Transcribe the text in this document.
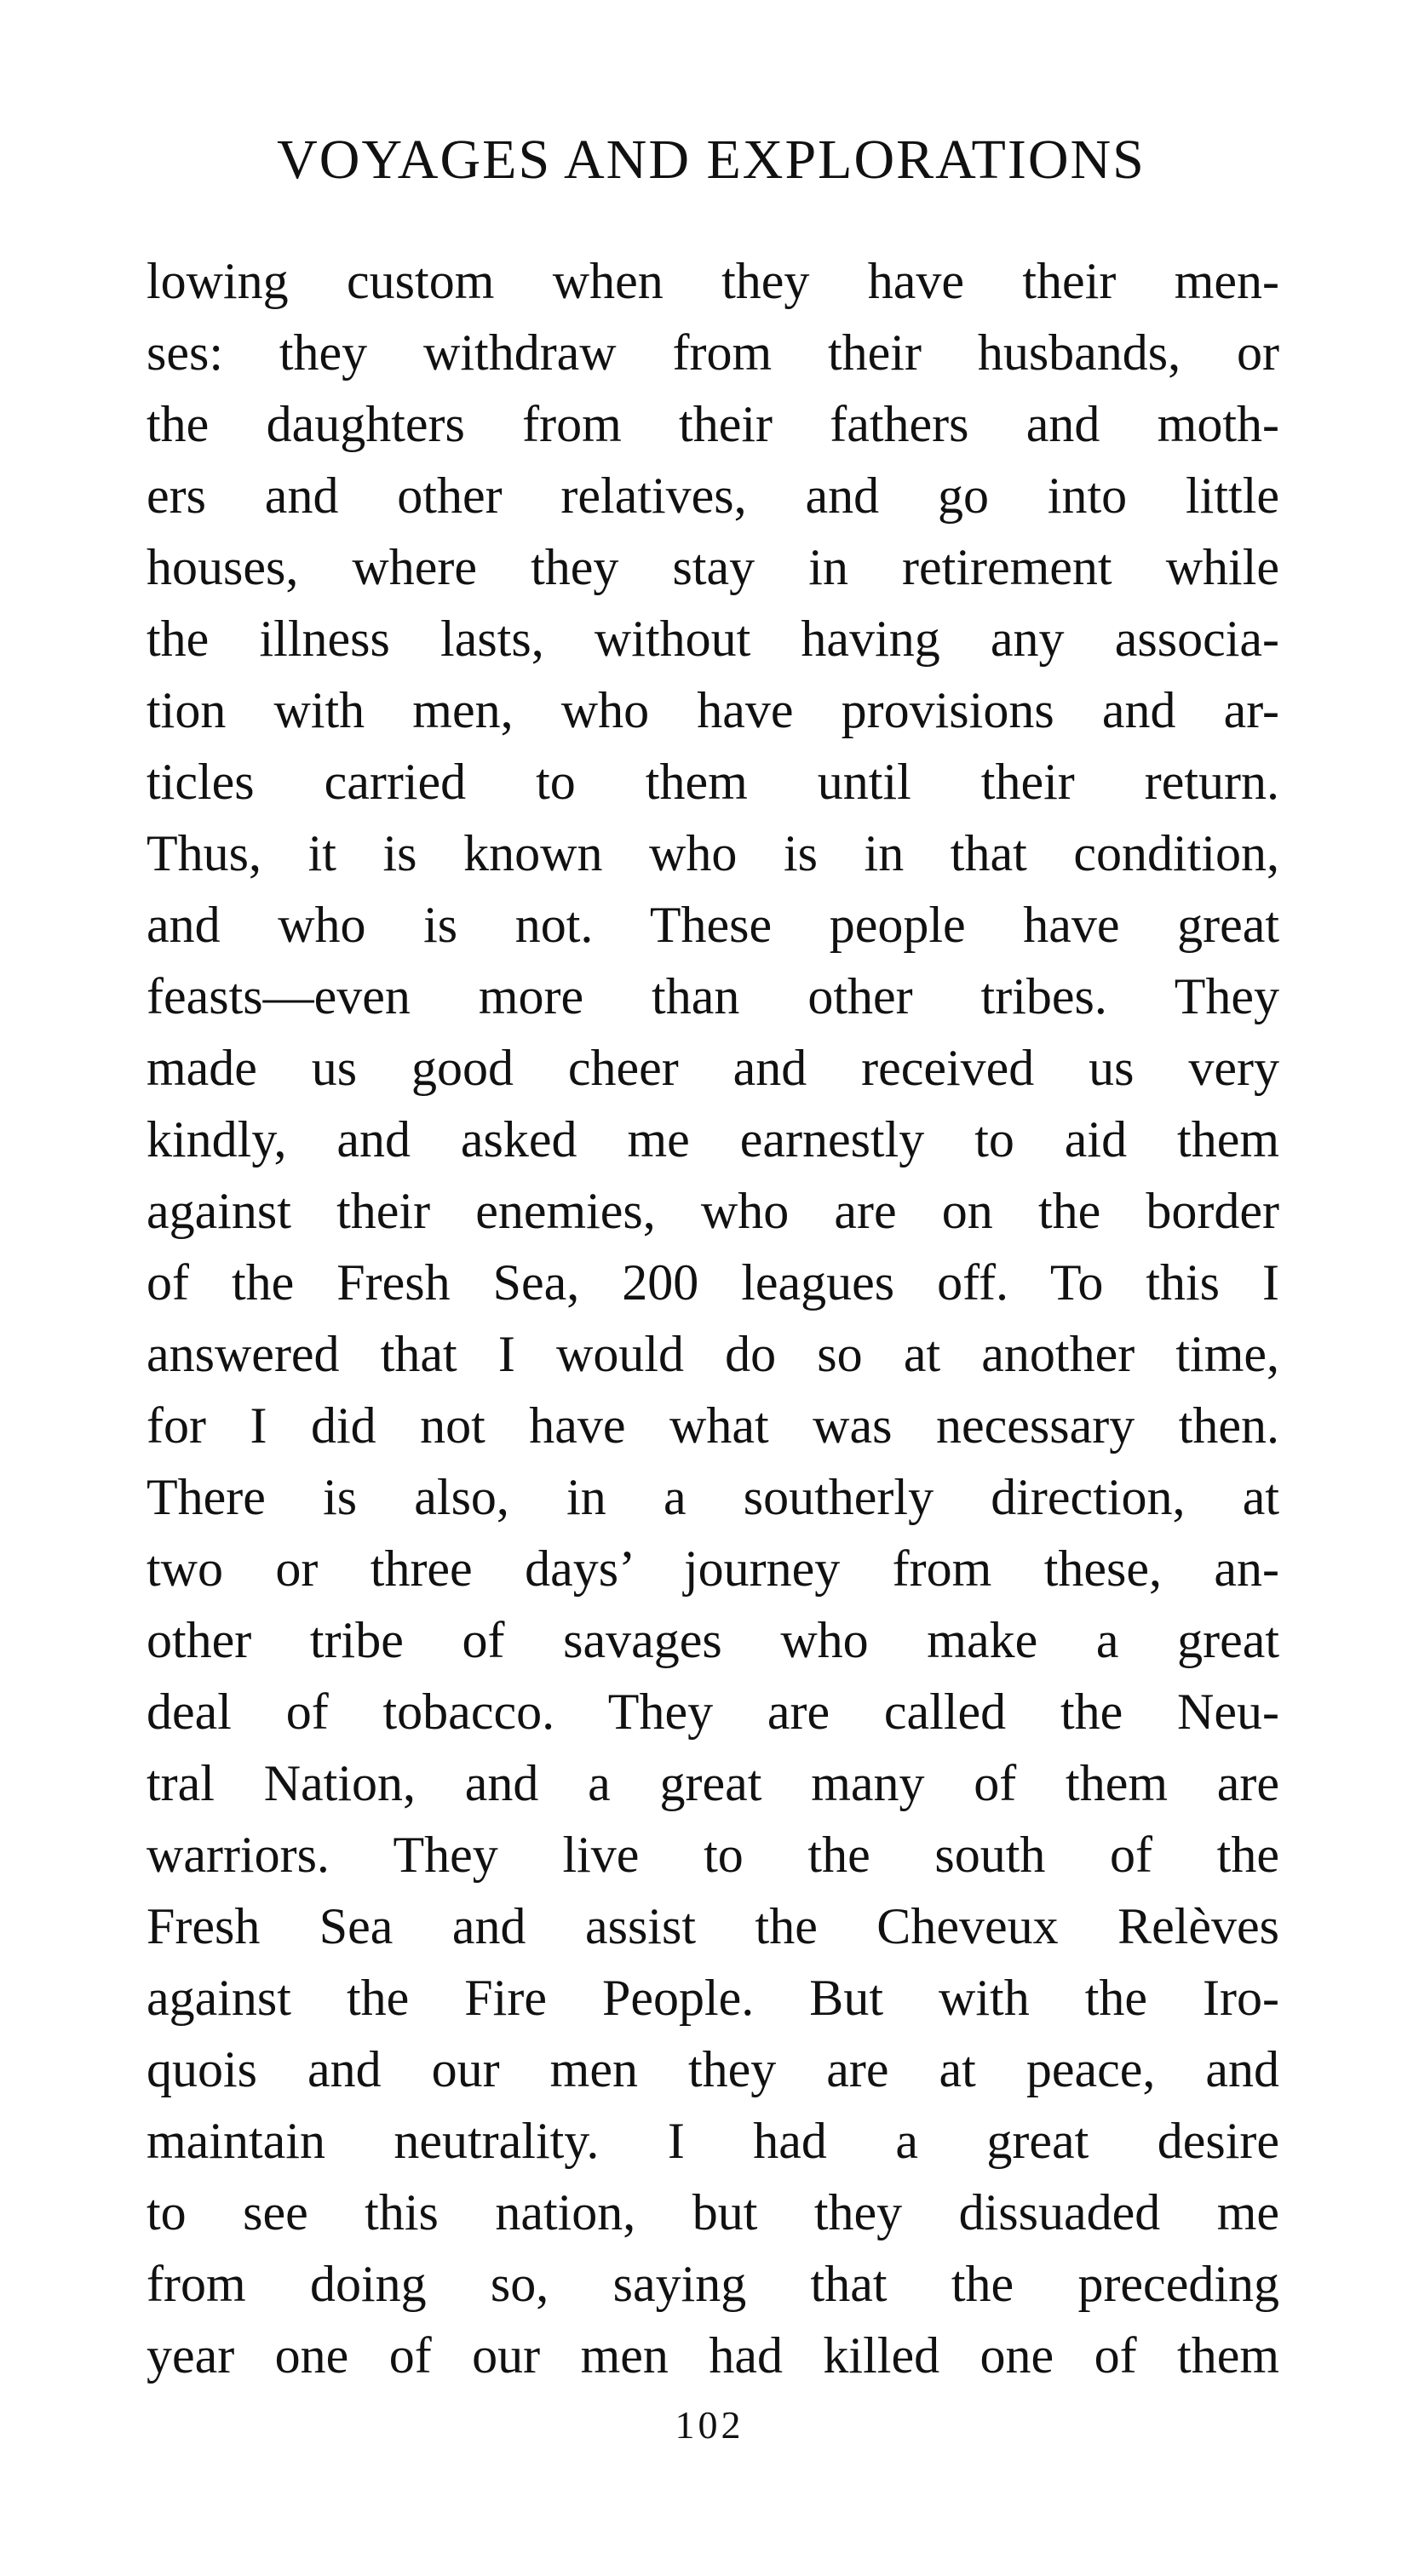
VOYAGES AND EXPLORATIONS
lowing custom when they have their men-
ses: they withdraw from their husbands, or
the daughters from their fathers and moth-
ers and other relatives, and go into little
houses, where they stay in retirement while
the illness lasts, without having any associa-
tion with men, who have provisions and ar-
ticles carried to them until their return.
Thus, it is known who is in that condition,
and who is not. These people have great
feasts—even more than other tribes. They
made us good cheer and received us very
kindly, and asked me earnestly to aid them
against their enemies, who are on the border
of the Fresh Sea, 200 leagues off. To this I
answered that I would do so at another time,
for I did not have what was necessary then.
There is also, in a southerly direction, at
two or three days’ journey from these, an-
other tribe of savages who make a great
deal of tobacco. They are called the Neu-
tral Nation, and a great many of them are
warriors. They live to the south of the
Fresh Sea and assist the Cheveux Relèves
against the Fire People. But with the Iro-
quois and our men they are at peace, and
maintain neutrality. I had a great desire
to see this nation, but they dissuaded me
from doing so, saying that the preceding
year one of our men had killed one of them
102
